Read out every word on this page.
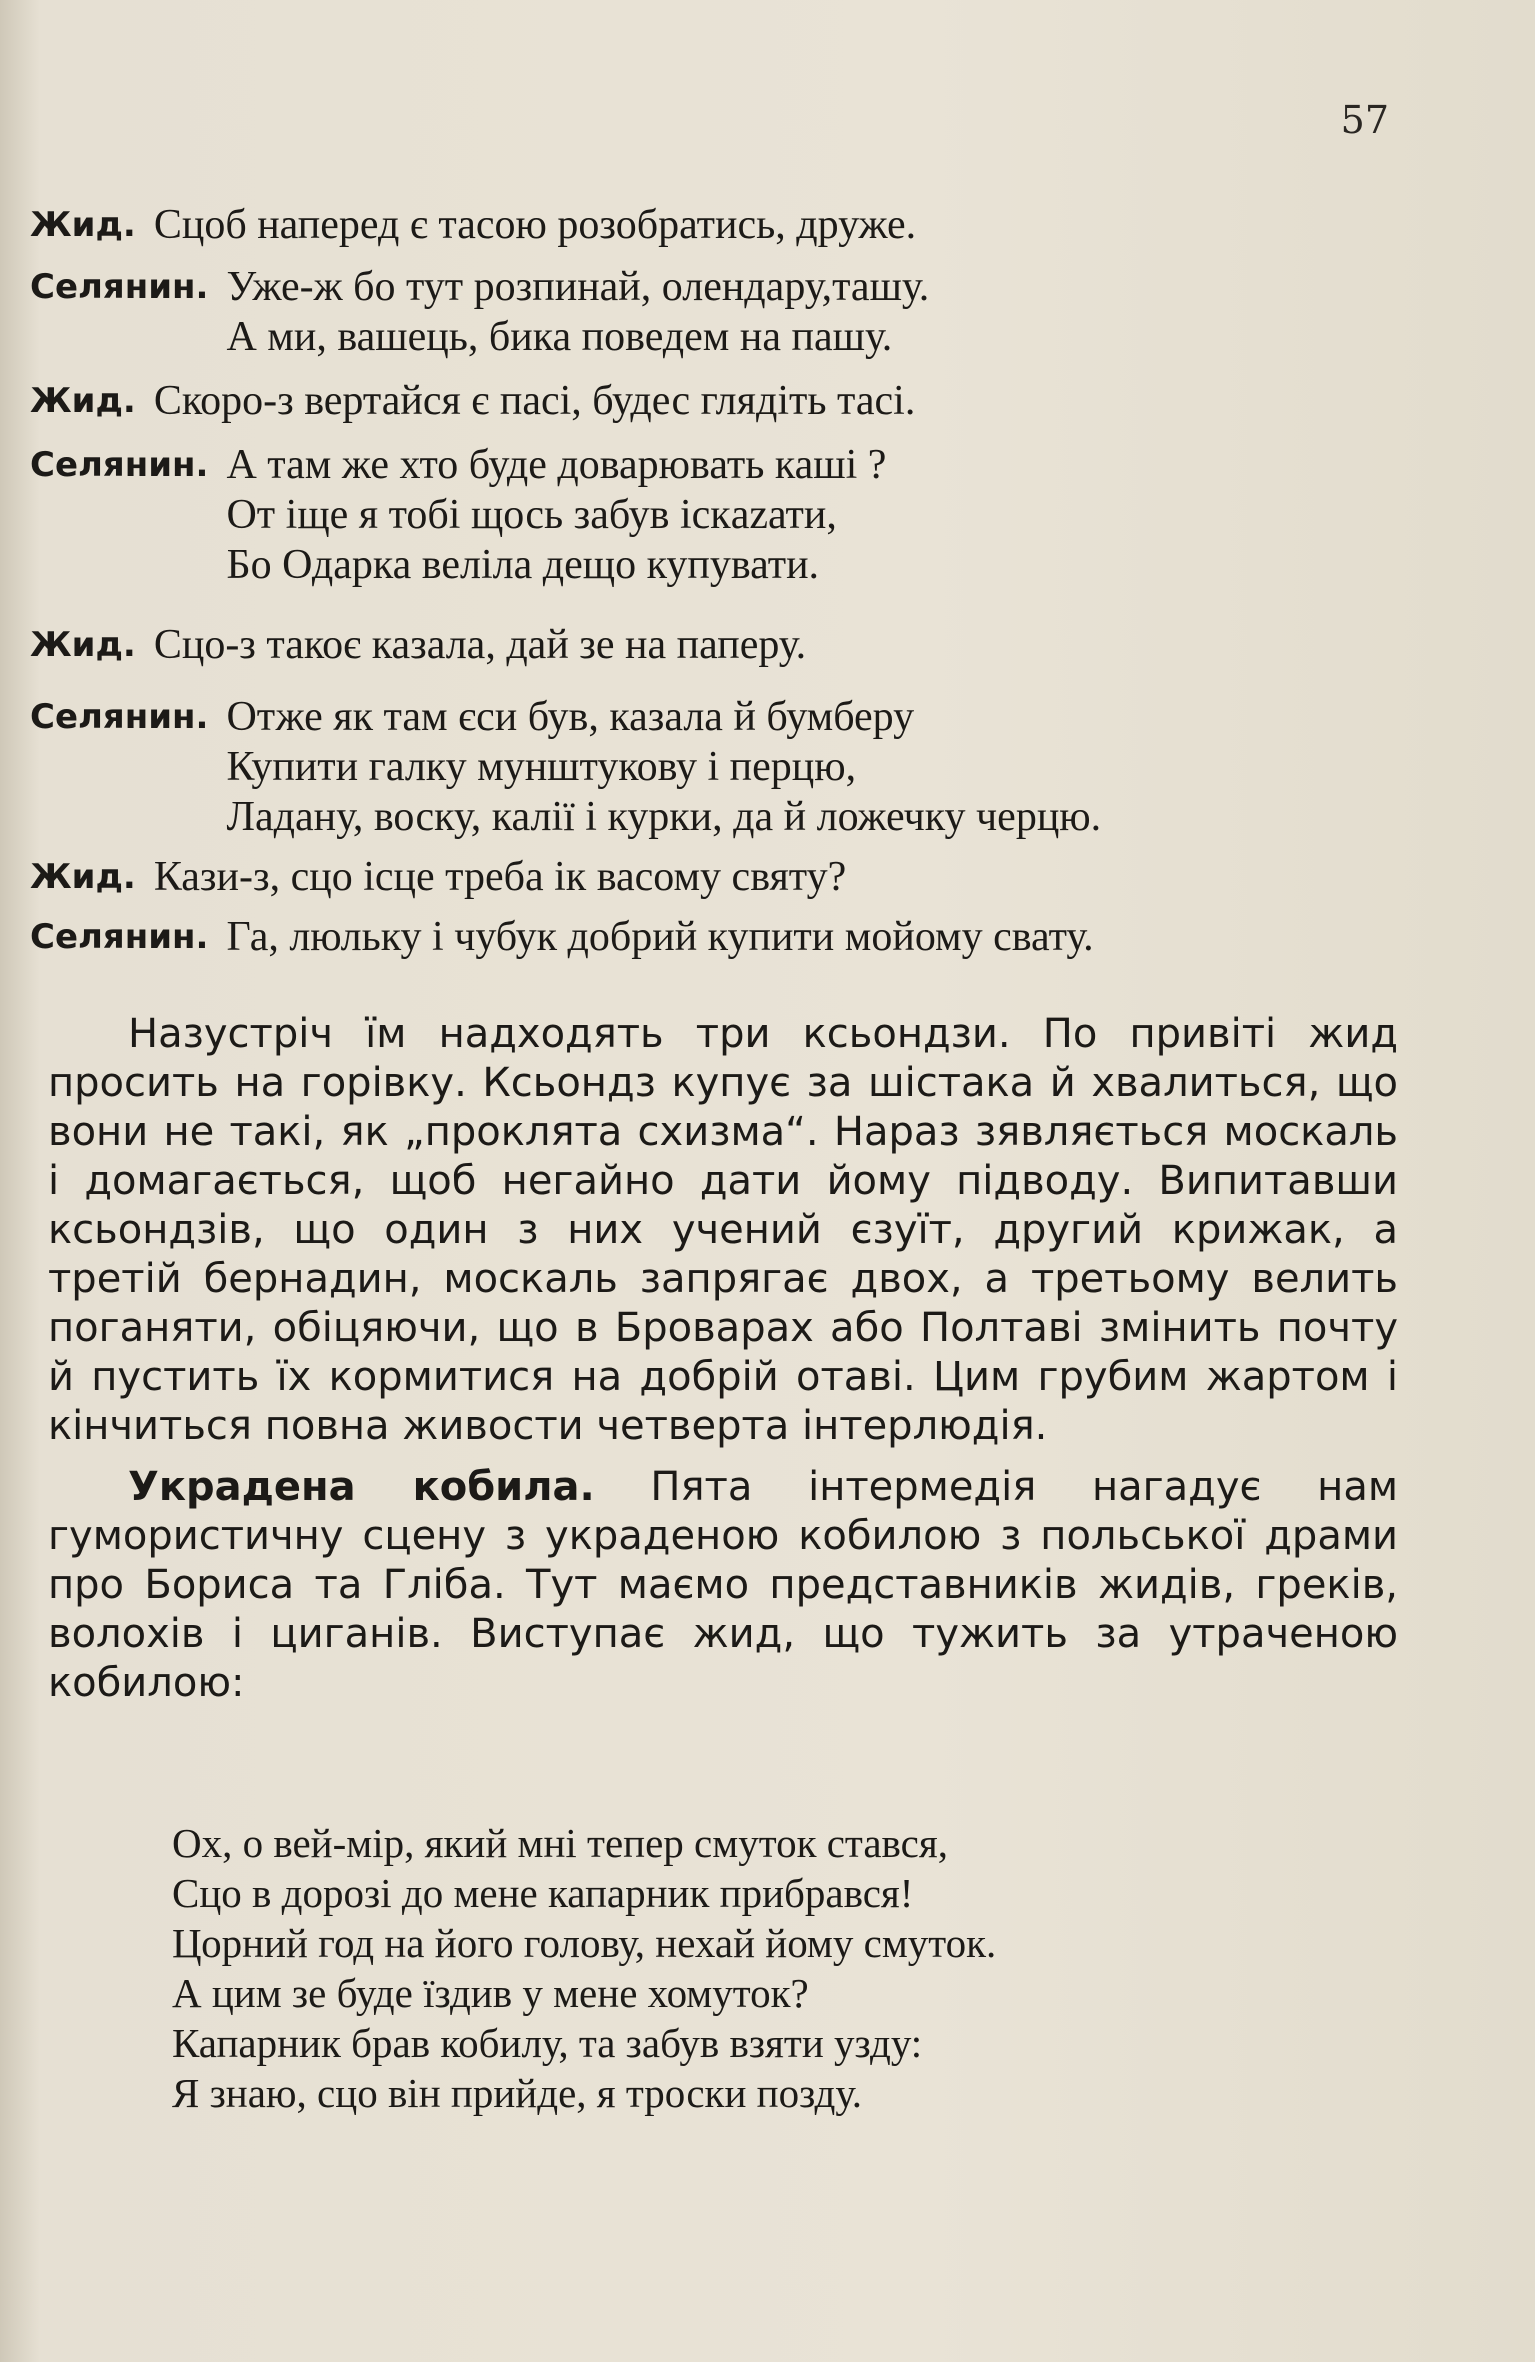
57
Жид. Сцоб наперед є тасою розобратись, друже.
Селянин. Уже-ж бо тут розпинай, олендару,ташу.
А ми, вашець, бика поведем на пашу.
Жид. Скоро-з вертайся є пасі, будес глядіть тасі.
Селянин. А там же хто буде доварювать каші ?
От іще я тобі щось забув іскazати,
Бо Одарка веліла дещо купувати.
Жид. Сцо-з такоє казала, дай зе на паперу.
Селянин. Отже як там єси був, казала й бумберу
Купити галку мунштукову і перцю,
Ладану, воску, калії і курки, да й ложечку черцю.
Жид. Кази-з, сцо ісце треба ік васому святу?
Селянин. Га, люльку і чубук добрий купити мойому свату.

Назустріч їм надходять три ксьондзи. По привіті жид просить на горівку. Ксьондз купує за шістака й хвалиться, що вони не такі, як „проклята схизма“. Нараз зявляється москаль і домагається, щоб негайно дати йому підводу. Випитавши ксьондзів, що один з них учений єзуїт, другий крижак, а третій бернадин, москаль запрягає двох, а третьому велить поганяти, обіцяючи, що в Броварах або Полтаві змінить почту й пустить їх кормитися на добрій отаві. Цим грубим жартом і кінчиться повна живости четверта інтерлюдія.

Украдена кобила. Пята інтермедія нагадує нам гумористичну сцену з украденою кобилою з польської драми про Бориса та Гліба. Тут маємо представників жидів, греків, волохів і циганів. Виступає жид, що тужить за утраченою кобилою:

Ох, о вей-мір, який мні тепер смуток стався,
Сцо в дорозі до мене капарник прибрався!
Цорний год на його голову, нехай йому смуток.
А цим зе буде їздив у мене хомуток?
Капарник брав кобилу, та забув взяти узду:
Я знаю, сцо він прийде, я троски позду.
